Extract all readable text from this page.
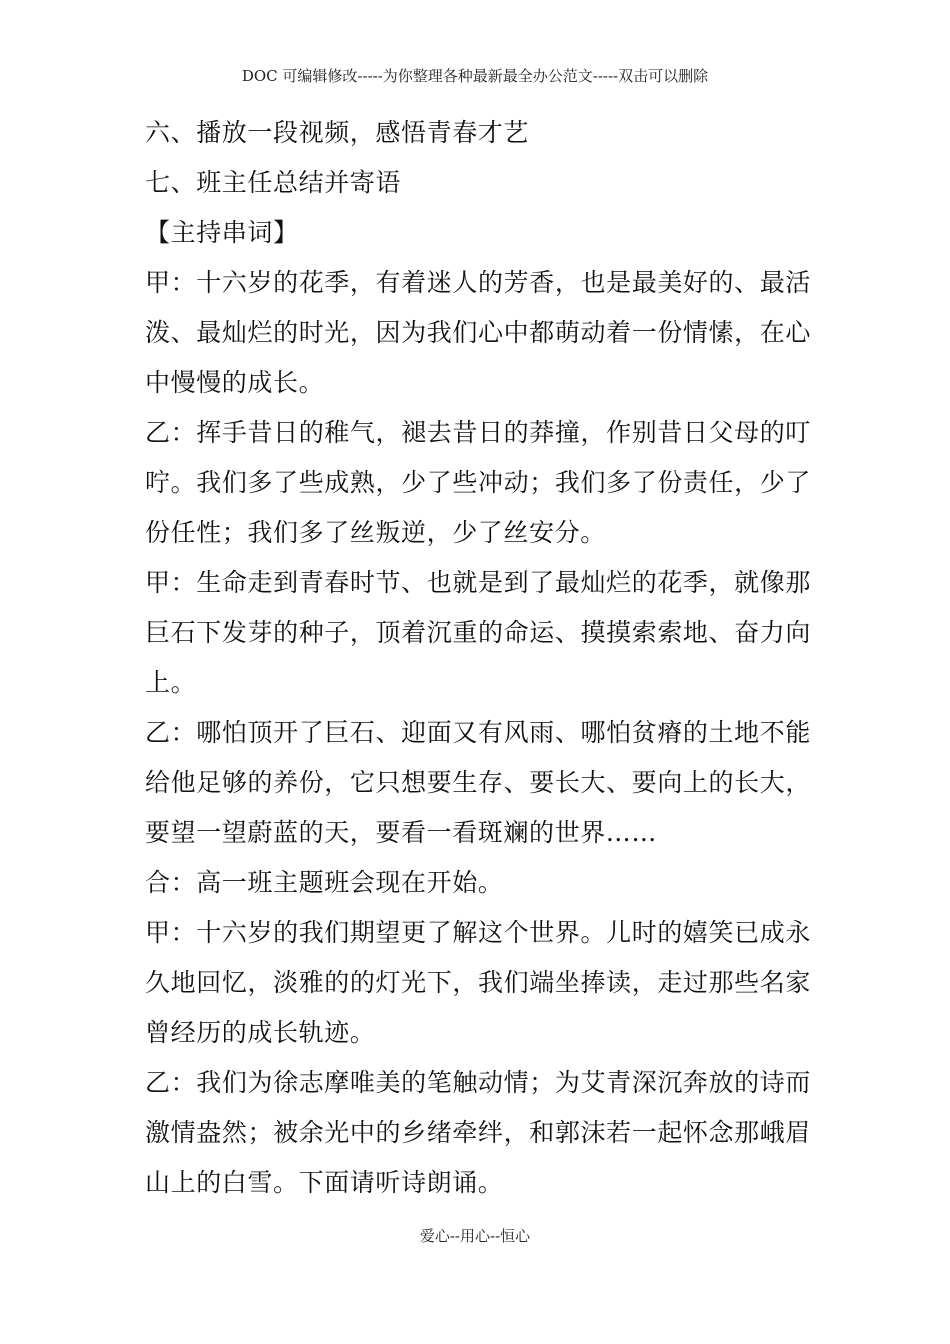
DOC 可编辑修改-----为你整理各种最新最全办公范文-----双击可以删除

六、播放一段视频，感悟青春才艺

七、班主任总结并寄语

【主持串词】

甲：十六岁的花季，有着迷人的芳香，也是最美好的、最活泼、最灿烂的时光，因为我们心中都萌动着一份情愫，在心中慢慢的成长。

乙：挥手昔日的稚气，褪去昔日的莽撞，作别昔日父母的叮咛。我们多了些成熟，少了些冲动；我们多了份责任，少了份任性；我们多了丝叛逆，少了丝安分。

甲：生命走到青春时节、也就是到了最灿烂的花季，就像那巨石下发芽的种子，顶着沉重的命运、摸摸索索地、奋力向上。

乙：哪怕顶开了巨石、迎面又有风雨、哪怕贫瘠的土地不能给他足够的养份，它只想要生存、要长大、要向上的长大，要望一望蔚蓝的天，要看一看斑斓的世界……

合：高一班主题班会现在开始。

甲：十六岁的我们期望更了解这个世界。儿时的嬉笑已成永久地回忆，淡雅的的灯光下，我们端坐捧读，走过那些名家曾经历的成长轨迹。

乙：我们为徐志摩唯美的笔触动情；为艾青深沉奔放的诗而激情盎然；被余光中的乡绪牵绊，和郭沫若一起怀念那峨眉山上的白雪。下面请听诗朗诵。

爱心--用心--恒心
